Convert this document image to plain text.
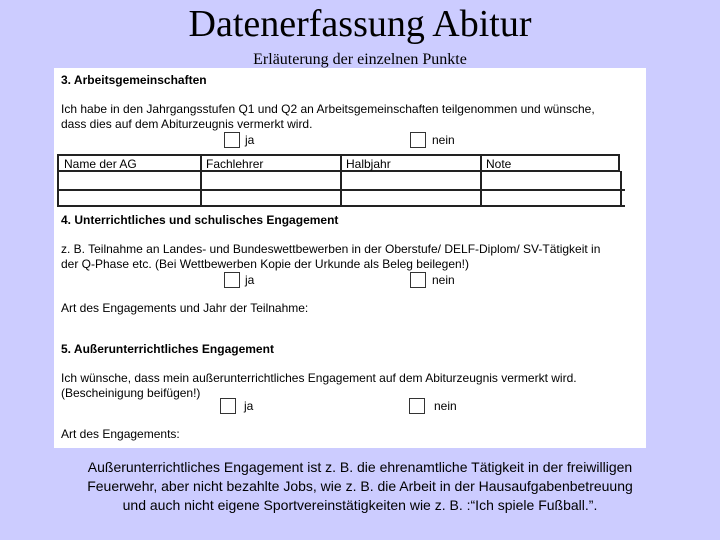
Datenerfassung Abitur
Erläuterung der einzelnen Punkte
3. Arbeitsgemeinschaften
Ich habe in den Jahrgangsstufen Q1 und Q2 an Arbeitsgemeinschaften teilgenommen und wünsche,
dass dies auf dem Abiturzeugnis vermerkt wird.
ja	nein
Name der AG	Fachlehrer	Halbjahr	Note
4. Unterrichtliches und schulisches Engagement
z. B. Teilnahme an Landes- und Bundeswettbewerben in der Oberstufe/ DELF-Diplom/ SV-Tätigkeit in
der Q-Phase etc. (Bei Wettbewerben Kopie der Urkunde als Beleg beilegen!)
ja	nein
Art des Engagements und Jahr der Teilnahme:
5. Außerunterrichtliches Engagement
Ich wünsche, dass mein außerunterrichtliches Engagement auf dem Abiturzeugnis vermerkt wird.
(Bescheinigung beifügen!)
ja	nein
Art des Engagements:
Außerunterrichtliches Engagement ist z. B. die ehrenamtliche Tätigkeit in der freiwilligen
Feuerwehr, aber nicht bezahlte Jobs, wie z. B. die Arbeit in der Hausaufgabenbetreuung
und auch nicht eigene Sportvereinstätigkeiten wie z. B. :“Ich spiele Fußball.”.
